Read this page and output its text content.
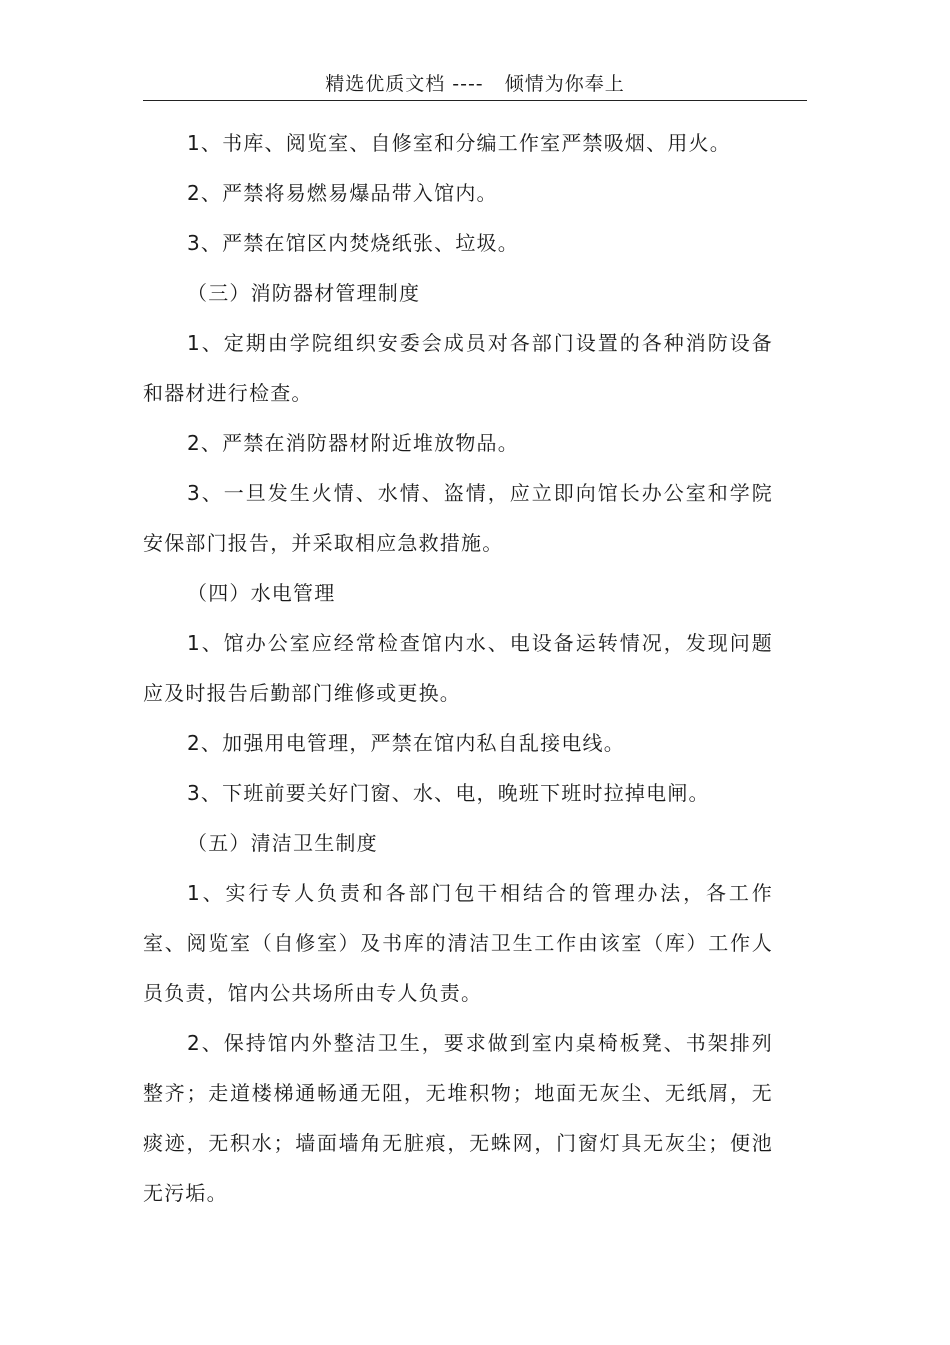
精选优质文档 ----   倾情为你奉上

1、书库、阅览室、自修室和分编工作室严禁吸烟、用火。

2、严禁将易燃易爆品带入馆内。

3、严禁在馆区内焚烧纸张、垃圾。

（三）消防器材管理制度

1、定期由学院组织安委会成员对各部门设置的各种消防设备和器材进行检查。

2、严禁在消防器材附近堆放物品。

3、一旦发生火情、水情、盗情，应立即向馆长办公室和学院安保部门报告，并采取相应急救措施。

（四）水电管理

1、馆办公室应经常检查馆内水、电设备运转情况，发现问题应及时报告后勤部门维修或更换。

2、加强用电管理，严禁在馆内私自乱接电线。

3、下班前要关好门窗、水、电，晚班下班时拉掉电闸。

（五）清洁卫生制度

1、实行专人负责和各部门包干相结合的管理办法，各工作室、阅览室（自修室）及书库的清洁卫生工作由该室（库）工作人员负责，馆内公共场所由专人负责。

2、保持馆内外整洁卫生，要求做到室内桌椅板凳、书架排列整齐；走道楼梯通畅通无阻，无堆积物；地面无灰尘、无纸屑，无痰迹，无积水；墙面墙角无脏痕，无蛛网，门窗灯具无灰尘；便池无污垢。
